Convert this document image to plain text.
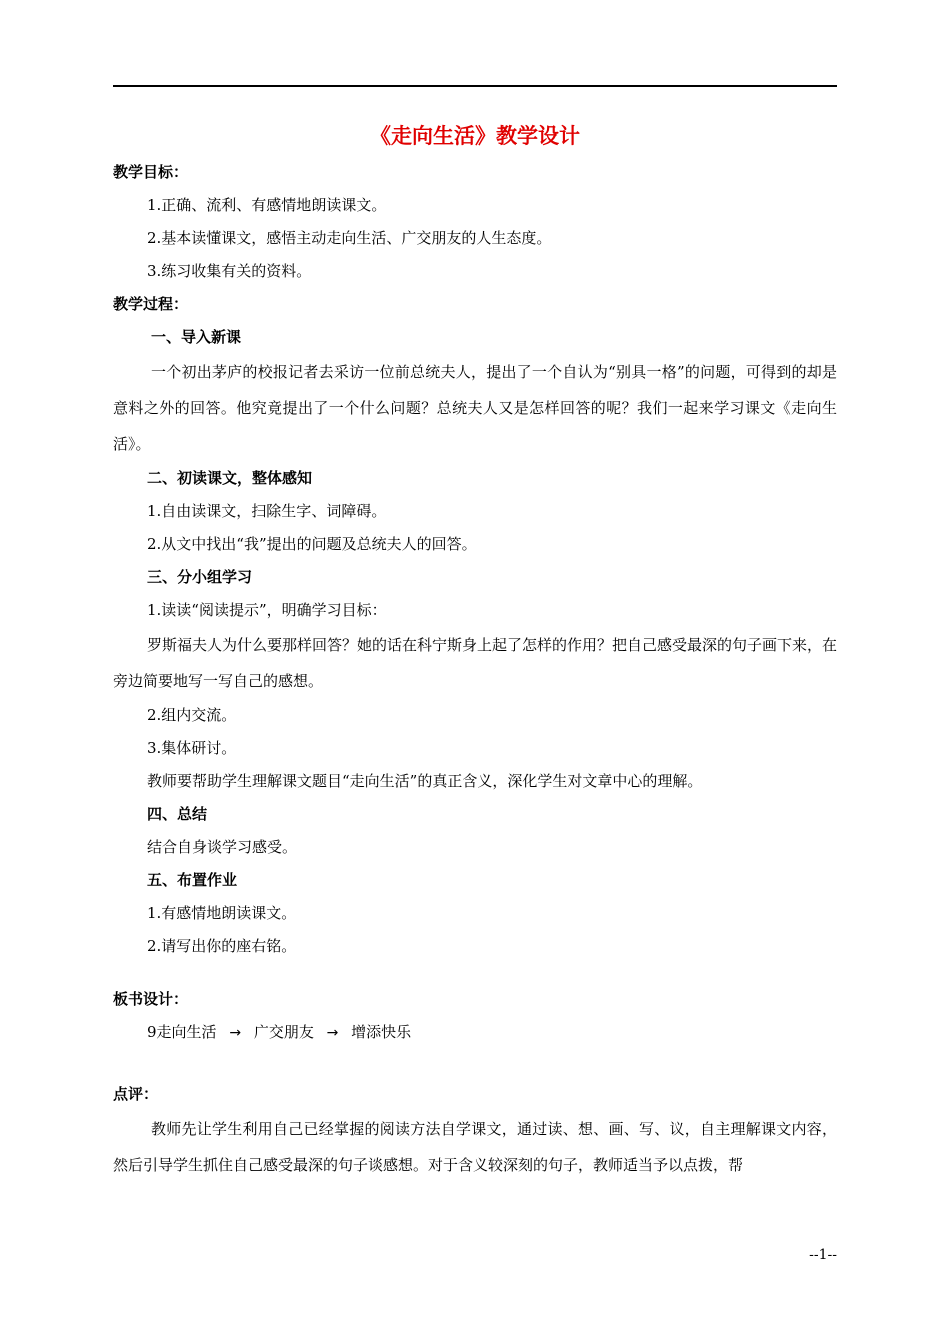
《走向生活》教学设计
教学目标：
1.正确、流利、有感情地朗读课文。
2.基本读懂课文，感悟主动走向生活、广交朋友的人生态度。
3.练习收集有关的资料。
教学过程：
一、导入新课
一个初出茅庐的校报记者去采访一位前总统夫人，提出了一个自认为“别具一格”的问题，可得到的却是意料之外的回答。他究竟提出了一个什么问题？总统夫人又是怎样回答的呢？我们一起来学习课文《走向生活》。
二、初读课文，整体感知
1.自由读课文，扫除生字、词障碍。
2.从文中找出“我”提出的问题及总统夫人的回答。
三、分小组学习
1.读读“阅读提示”，明确学习目标：
罗斯福夫人为什么要那样回答？她的话在科宁斯身上起了怎样的作用？把自己感受最深的句子画下来，在旁边简要地写一写自己的感想。
2.组内交流。
3.集体研讨。
教师要帮助学生理解课文题目“走向生活”的真正含义，深化学生对文章中心的理解。
四、总结
结合自身谈学习感受。
五、布置作业
1.有感情地朗读课文。
2.请写出你的座右铭。
板书设计：
9走向生活 → 广交朋友 → 增添快乐
点评：
教师先让学生利用自己已经掌握的阅读方法自学课文，通过读、想、画、写、议，自主理解课文内容，然后引导学生抓住自己感受最深的句子谈感想。对于含义较深刻的句子，教师适当予以点拨，帮
--1--
